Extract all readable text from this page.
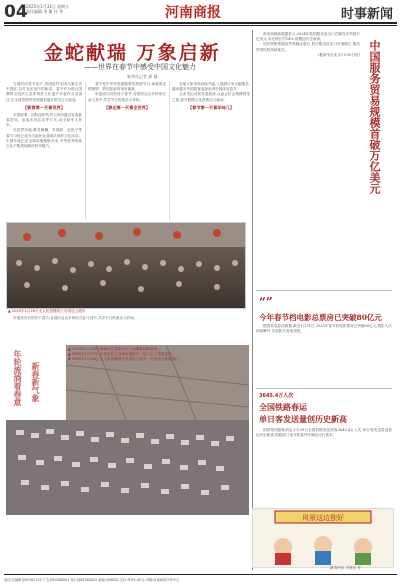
04
2025年1月31日 星期五
责任编辑 李 臻 杜 华	河南商报	时事新闻
金蛇献瑞 万象启新
——世界在春节中感受中国文化魅力
新华社记者 郝 薇

当地时间春节前夕,美国纽约帝国大厦点亮中国红,以灯光庆祝中国新春。春节作为联合国教科文组织人类非物质文化遗产代表作名录项目,在全球范围内受到越来越多的关注与欢迎。

【新春第一天看世界】

多国政要、国际组织负责人纷纷通过发表新春贺词、参加庆祝活动等方式,向全球华人拜年。

在世界各地,舞龙舞狮、写春联、包饺子等春节习俗已成为当地民众喜闻乐见的文化活动。中国年味正在全球各地飘散开来,中华优秀传统文化不断展现新的时代魅力。

春节是中华民族最隆重的传统节日,承载着亲情团圆、辞旧迎新的美好寓意。

申遗成功后的首个春节,各国民众以多种形式参与其中,共享节日的欢乐与祥和。

【春运第一天看全世界】

各地文旅市场持续升温,入境游订单大幅增长,越来越多外国游客选择来到中国体验春节。

从冰雪运动到非遗展演,从庙会灯会到博物馆之旅,春节假期文化消费活力涌动。

【春节第一天看年味儿】
▲ 2025年1月26日无人机拍摄的江苏省连云港市

申遗成功后的首个春节,各国民众以多种形式参与其中,共享节日的欢乐与祥和。

▲ 2025年1月28日,游客在江苏南京夫子庙秦淮河畔游览。
▲ 2025年1月27日,小朋友在江苏南京秦淮区一处灯会上观看花灯。
▼ 2025年1月26日,无人机拍摄的江苏省连云港市一处高速公路服务区。
年轮流淌着春意 新春新气象

商务部最新数据显示,2024年我国服务进出口总额首次突破万亿美元,同比增长约14%,规模创历史新高。

知识密集型服务贸易稳定增长,旅行服务进出口快速增长,服务贸易结构持续优化。

(据新华社北京1月30日电) 中国服务贸易规模首破万亿美元
“”
今年春节档电影总票房已突破80亿元

据国家电影局数据,截至1月31日,2025年春节档电影票房已突破80亿元,观影人次持续攀升,多部影片表现亮眼。

3645.4万人次
全国铁路春运
单日客发送量创历史新高

国铁集团最新消息,1月29日全国铁路发送旅客3645.4万人次,单日客发送量创春运历史新高,铁路部门加开旅客列车满足出行需求。

风景这边独好
新春快乐 冯建山 作
电话:总编辑室63361155 广告部63360001 发行部63360003 邮编:450000 定价:每份1.00元 印刷:河南商报印务中心
